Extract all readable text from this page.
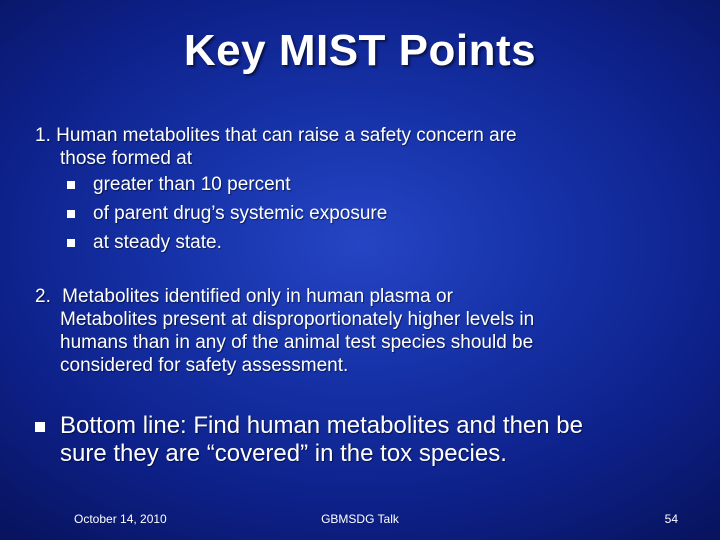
Key MIST Points
1. Human metabolites that can raise a safety concern are
those formed at
greater than 10 percent
of parent drug’s systemic exposure
at steady state.
2. Metabolites identified only in human plasma or
Metabolites present at disproportionately higher levels in
humans than in any of the animal test species should be
considered for safety assessment.
Bottom line: Find human metabolites and then be
sure they are “covered” in the tox species.
October 14, 2010	GBMSDG Talk	54
